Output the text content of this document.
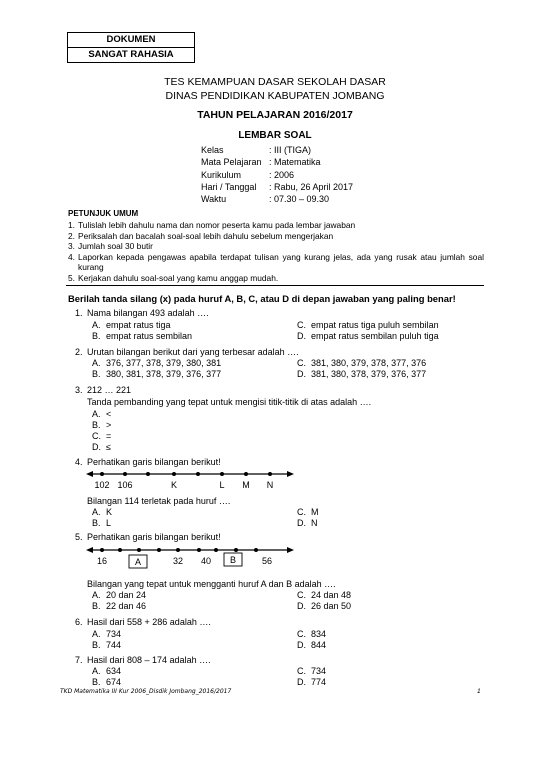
DOKUMEN
SANGAT RAHASIA
TES KEMAMPUAN DASAR SEKOLAH DASAR
DINAS PENDIDIKAN KABUPATEN JOMBANG
TAHUN PELAJARAN 2016/2017
LEMBAR SOAL
Kelas	: III (TIGA)
Mata Pelajaran : Matematika
Kurikulum	: 2006
Hari / Tanggal	: Rabu, 26 April 2017
Waktu	: 07.30 – 09.30
PETUNJUK UMUM
1. Tulislah lebih dahulu nama dan nomor peserta kamu pada lembar jawaban
2. Periksalah dan bacalah soal-soal lebih dahulu sebelum mengerjakan
3. Jumlah soal 30 butir
4. Laporkan kepada pengawas apabila terdapat tulisan yang kurang jelas, ada yang rusak atau jumlah soal kurang
5. Kerjakan dahulu soal-soal yang kamu anggap mudah.
Berilah tanda silang (x) pada huruf A, B, C, atau D di depan jawaban yang paling benar!
1. Nama bilangan 493 adalah ….
A. empat ratus tiga
B. empat ratus sembilan
C. empat ratus tiga puluh sembilan
D. empat ratus sembilan puluh tiga
2. Urutan bilangan berikut dari yang terbesar adalah ….
A. 376, 377, 378, 379, 380, 381
B. 380, 381, 378, 379, 376, 377
C. 381, 380, 379, 378, 377, 376
D. 381, 380, 378, 379, 376, 377
3. 212 … 221
Tanda pembanding yang tepat untuk mengisi titik-titik di atas adalah ….
A. <
B. >
C. =
D. ≤
4. Perhatikan garis bilangan berikut!
102 106	K	L M N
Bilangan 114 terletak pada huruf ….
A. K
B. L
C. M
D. N
5. Perhatikan garis bilangan berikut!
16	A	32 40 B	56
Bilangan yang tepat untuk mengganti huruf A dan B adalah ….
A. 20 dan 24
B. 22 dan 46
C. 24 dan 48
D. 26 dan 50
6. Hasil dari 558 + 286 adalah ….
A. 734
B. 744
C. 834
D. 844
7. Hasil dari 808 – 174 adalah ….
A. 634
B. 674
C. 734
D. 774
TKD Matematika III Kur 2006_Disdik Jombang_2016/2017	1
